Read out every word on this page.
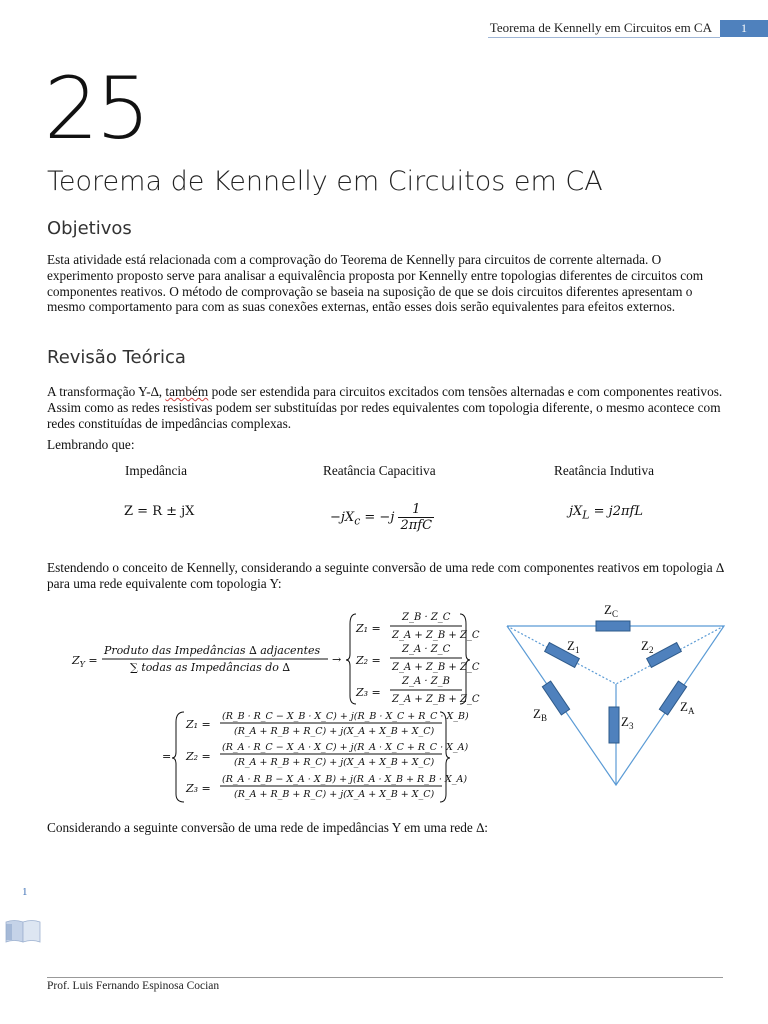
Teorema de Kennelly em Circuitos em CA	1
25
Teorema de Kennelly em Circuitos em CA
Objetivos
Esta atividade está relacionada com a comprovação do Teorema de Kennelly para circuitos de corrente alternada. O experimento proposto serve para analisar a equivalência proposta por Kennelly entre topologias diferentes de circuitos com componentes reativos. O método de comprovação se baseia na suposição de que se dois circuitos diferentes apresentam o mesmo comportamento para com as suas conexões externas, então esses dois serão equivalentes para efeitos externos.
Revisão Teórica
A transformação Y-∆, também pode ser estendida para circuitos excitados com tensões alternadas e com componentes reativos. Assim como as redes resistivas podem ser substituídas por redes equivalentes com topologia diferente, o mesmo acontece com redes constituídas de impedâncias complexas.
Lembrando que:
Impedância	Reatância Capacitiva	Reatância Indutiva
Z = R ± jX	$-jX_c = -j \frac{1}{\text{2πfC}}$	$jX_L = j2\pi fL$
Estendendo o conceito de Kennelly, considerando a seguinte conversão de uma rede com componentes reativos em topologia ∆ para uma rede equivalente com topologia Y:
$Z_Y$ =
Produto das Impedâncias ∆ adjacentes
∑ todas as Impedâncias do ∆
→
Z₁ =
Z_B · Z_C
Z_A + Z_B + Z_C
Z₂ =
Z_A · Z_C
Z_A + Z_B + Z_C
Z₃ =
Z_A · Z_B
Z_A + Z_B + Z_C
=
Z₁ =
(R_B · R_C − X_B · X_C) + j(R_B · X_C + R_C · X_B)
(R_A + R_B + R_C) + j(X_A + X_B + X_C)
Z₂ =
(R_A · R_C − X_A · X_C) + j(R_A · X_C + R_C · X_A)
(R_A + R_B + R_C) + j(X_A + X_B + X_C)
Z₃ =
(R_A · R_B − X_A · X_B) + j(R_A · X_B + R_B · X_A)
(R_A + R_B + R_C) + j(X_A + X_B + X_C)
$Z_C$
$Z_1$	$Z_2$
$Z_B$	$Z_3$
$Z_A$
Considerando a seguinte conversão de uma rede de impedâncias Y em uma rede ∆:
1
Prof. Luis Fernando Espinosa Cocian
